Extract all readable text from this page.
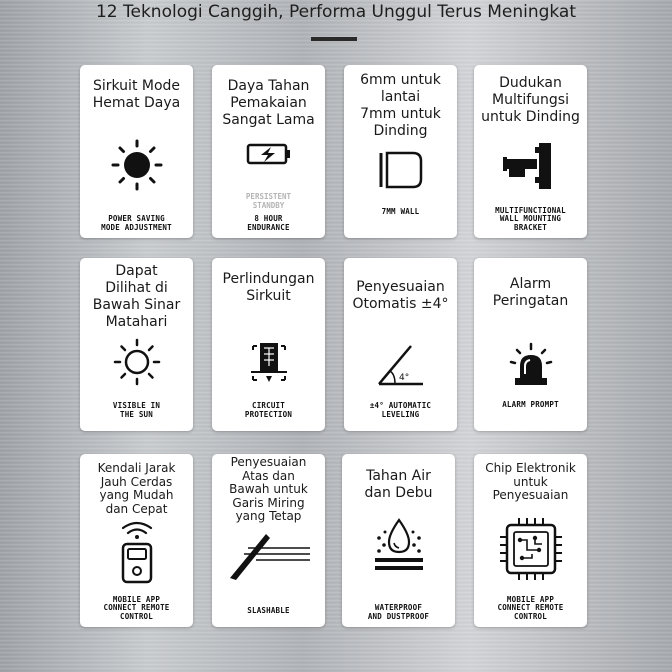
12 Teknologi Canggih, Performa Unggul Terus Meningkat
Sirkuit Mode
Hemat Daya
POWER SAVING
MODE ADJUSTMENT
Daya Tahan
Pemakaian
Sangat Lama
PERSISTENT
STANDBY
8 HOUR
ENDURANCE
6mm untuk
lantai
7mm untuk
Dinding
7MM WALL
Dudukan
Multifungsi
untuk Dinding
MULTIFUNCTIONAL
WALL MOUNTING
BRACKET
Dapat
Dilihat di
Bawah Sinar
Matahari
VISIBLE IN
THE SUN
Perlindungan
Sirkuit
CIRCUIT
PROTECTION
Penyesuaian
Otomatis ±4°
4°
±4° AUTOMATIC
LEVELING
Alarm
Peringatan
ALARM PROMPT
Kendali Jarak
Jauh Cerdas
yang Mudah
dan Cepat
MOBILE APP
CONNECT REMOTE
CONTROL
Penyesuaian
Atas dan
Bawah untuk
Garis Miring
yang Tetap
SLASHABLE
Tahan Air
dan Debu
WATERPROOF
AND DUSTPROOF
Chip Elektronik
untuk
Penyesuaian
MOBILE APP
CONNECT REMOTE
CONTROL
